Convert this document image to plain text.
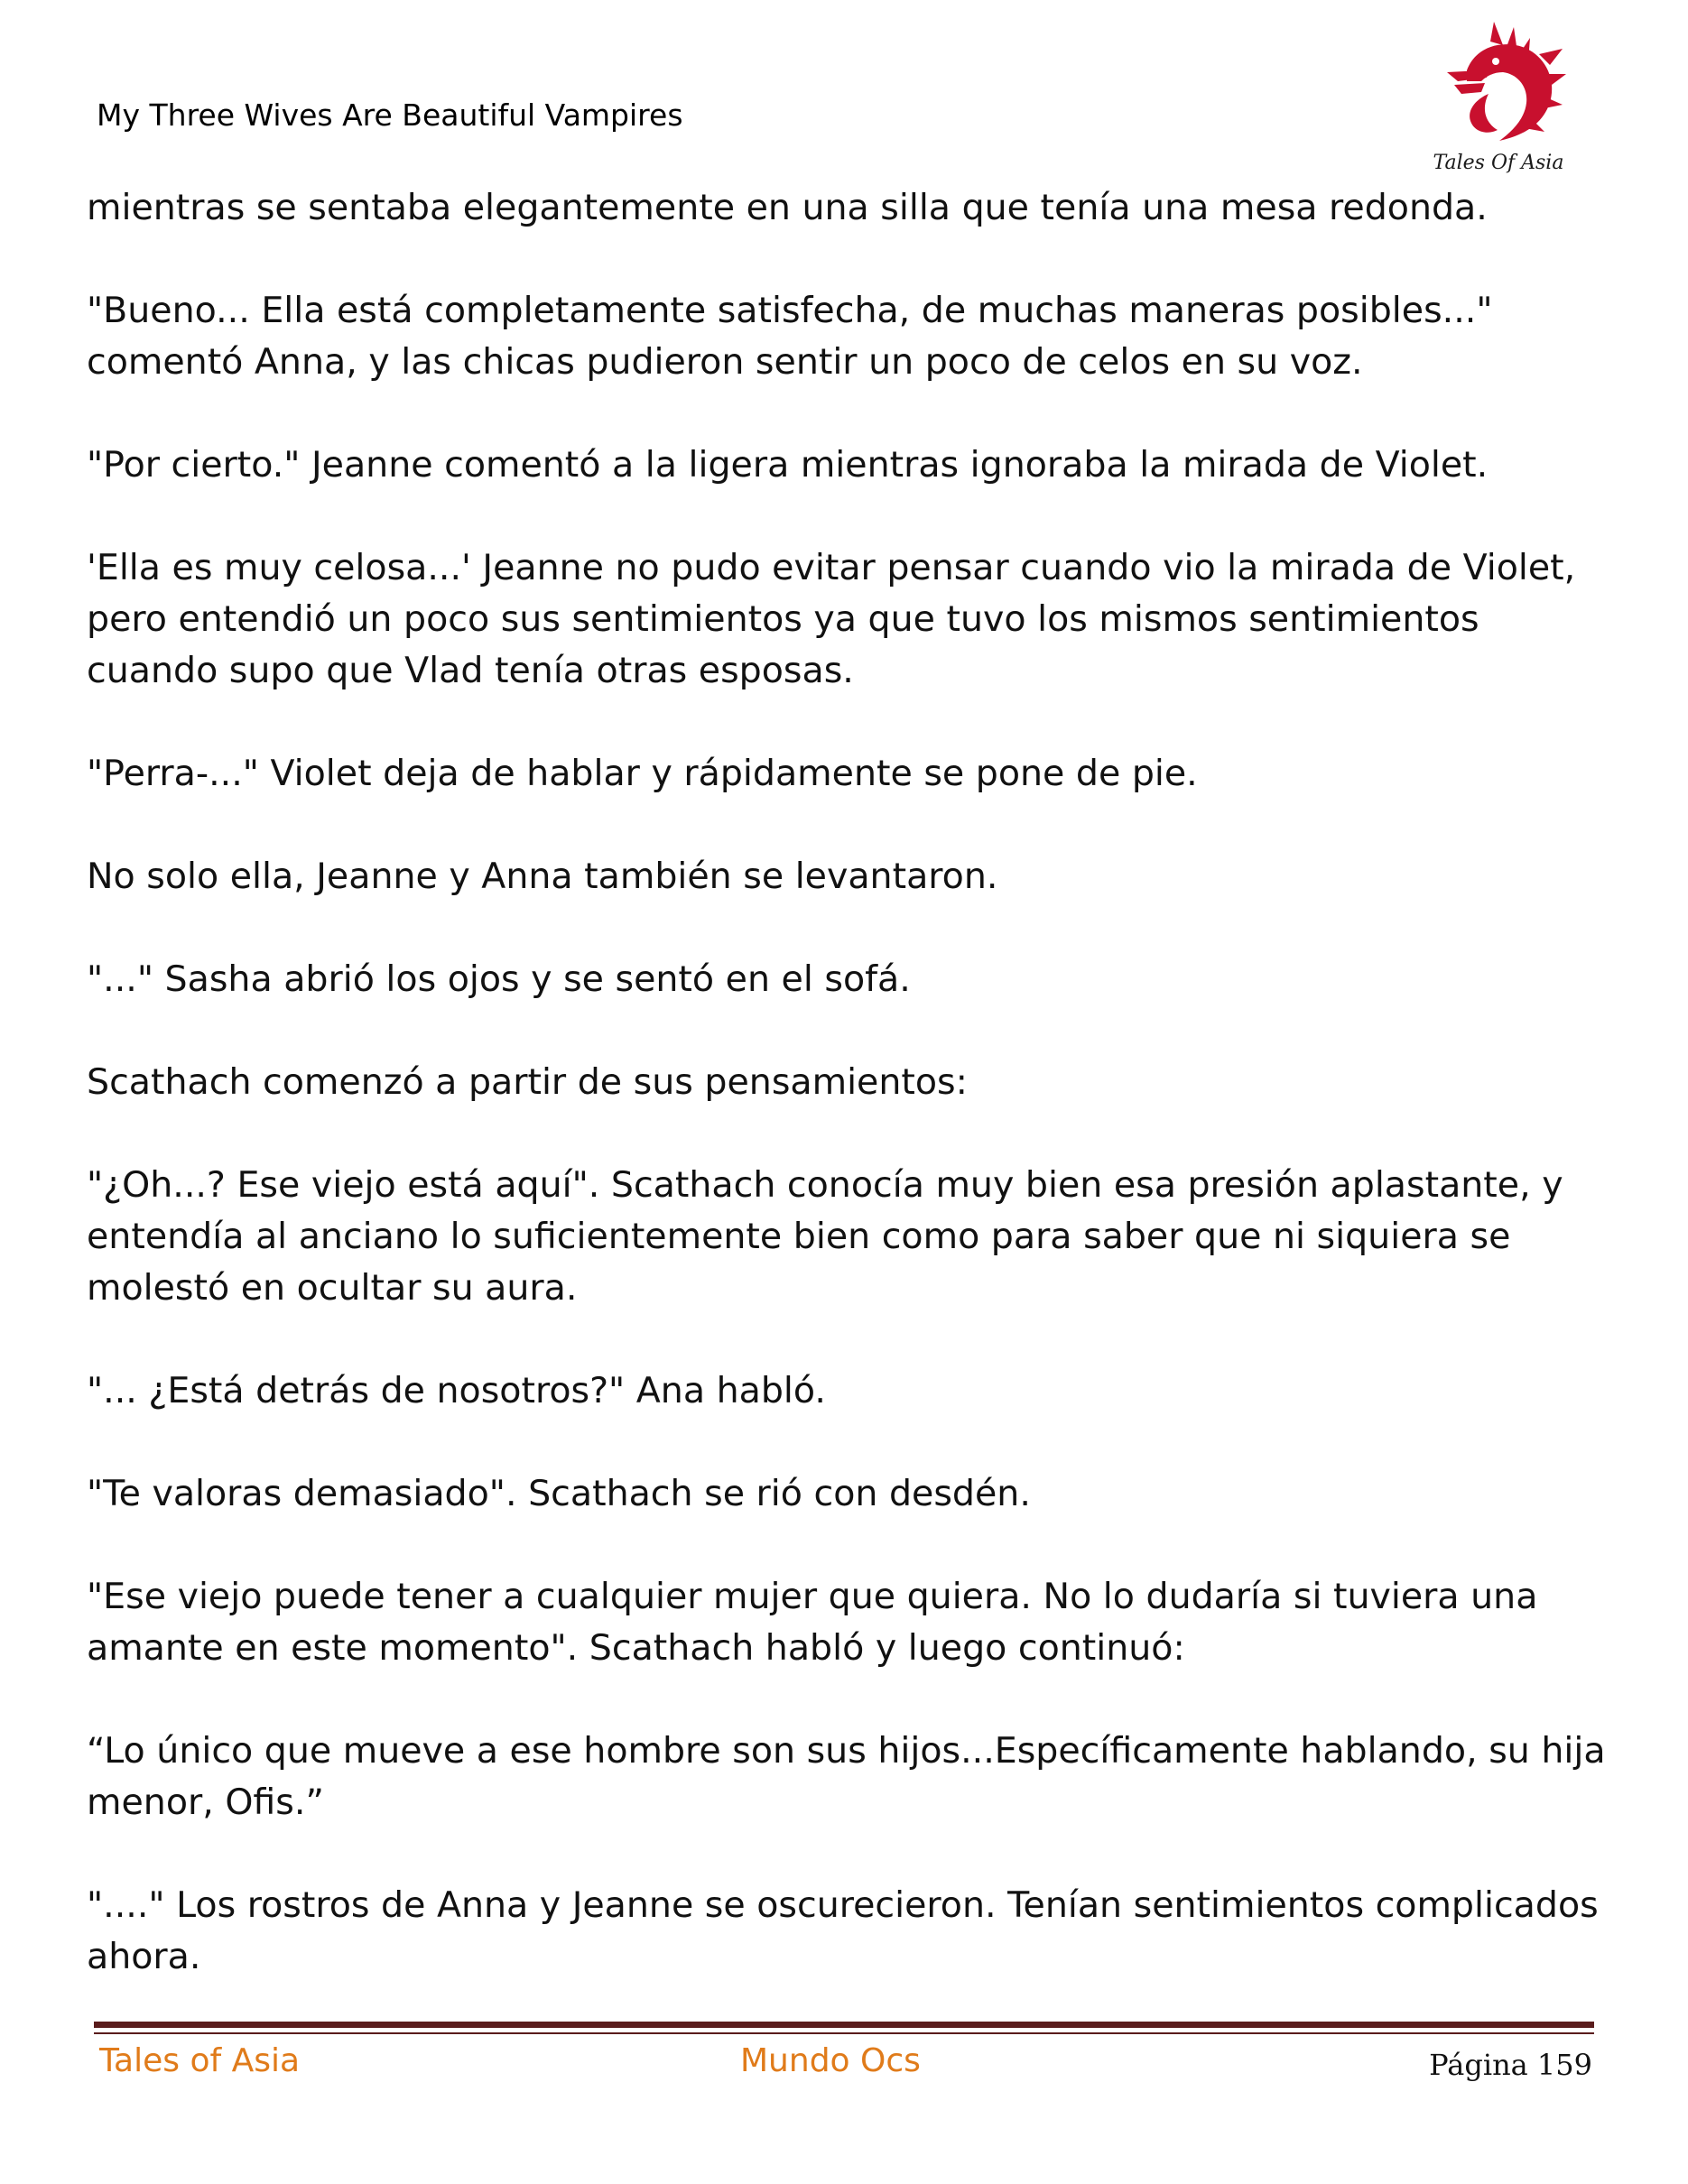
My Three Wives Are Beautiful Vampires
Tales Of Asia

mientras se sentaba elegantemente en una silla que tenía una mesa redonda.

"Bueno... Ella está completamente satisfecha, de muchas maneras posibles..." comentó Anna, y las chicas pudieron sentir un poco de celos en su voz.

"Por cierto." Jeanne comentó a la ligera mientras ignoraba la mirada de Violet.

'Ella es muy celosa...' Jeanne no pudo evitar pensar cuando vio la mirada de Violet, pero entendió un poco sus sentimientos ya que tuvo los mismos sentimientos cuando supo que Vlad tenía otras esposas.

"Perra-..." Violet deja de hablar y rápidamente se pone de pie.

No solo ella, Jeanne y Anna también se levantaron.

"..." Sasha abrió los ojos y se sentó en el sofá.

Scathach comenzó a partir de sus pensamientos:

"¿Oh...? Ese viejo está aquí". Scathach conocía muy bien esa presión aplastante, y entendía al anciano lo suficientemente bien como para saber que ni siquiera se molestó en ocultar su aura.

"... ¿Está detrás de nosotros?" Ana habló.

"Te valoras demasiado". Scathach se rió con desdén.

"Ese viejo puede tener a cualquier mujer que quiera. No lo dudaría si tuviera una amante en este momento". Scathach habló y luego continuó:

“Lo único que mueve a ese hombre son sus hijos...Específicamente hablando, su hija menor, Ofis.”

"...." Los rostros de Anna y Jeanne se oscurecieron. Tenían sentimientos complicados ahora.

Tales of Asia	Mundo Ocs	Página 159
